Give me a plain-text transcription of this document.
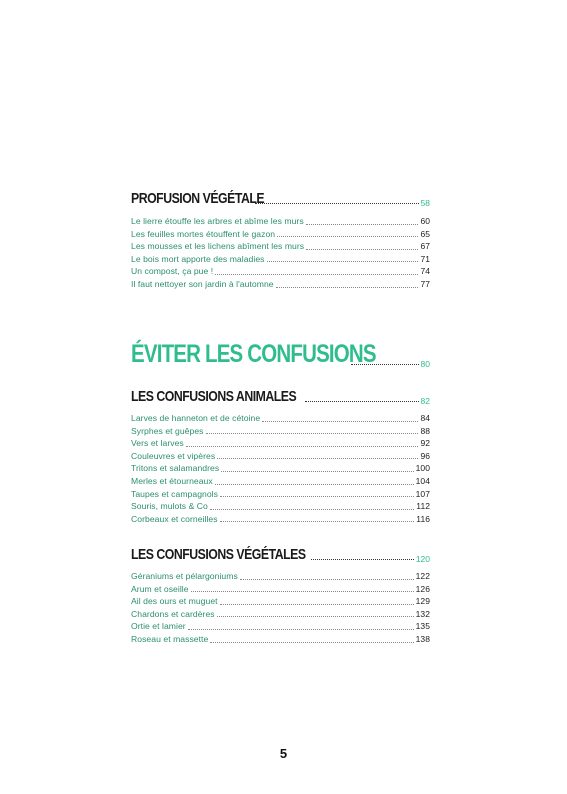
PROFUSION VÉGÉTALE	58
Le lierre étouffe les arbres et abîme les murs	60
Les feuilles mortes étouffent le gazon	65
Les mousses et les lichens abîment les murs	67
Le bois mort apporte des maladies	71
Un compost, ça pue !	74
Il faut nettoyer son jardin à l'automne	77
ÉVITER LES CONFUSIONS	80
LES CONFUSIONS ANIMALES	82
Larves de hanneton et de cétoine	84
Syrphes et guêpes	88
Vers et larves	92
Couleuvres et vipères	96
Tritons et salamandres	100
Merles et étourneaux	104
Taupes et campagnols	107
Souris, mulots & Co	112
Corbeaux et corneilles	116
LES CONFUSIONS VÉGÉTALES	120
Géraniums et pélargoniums	122
Arum et oseille	126
Ail des ours et muguet	129
Chardons et cardères	132
Ortie et lamier	135
Roseau et massette	138
5
